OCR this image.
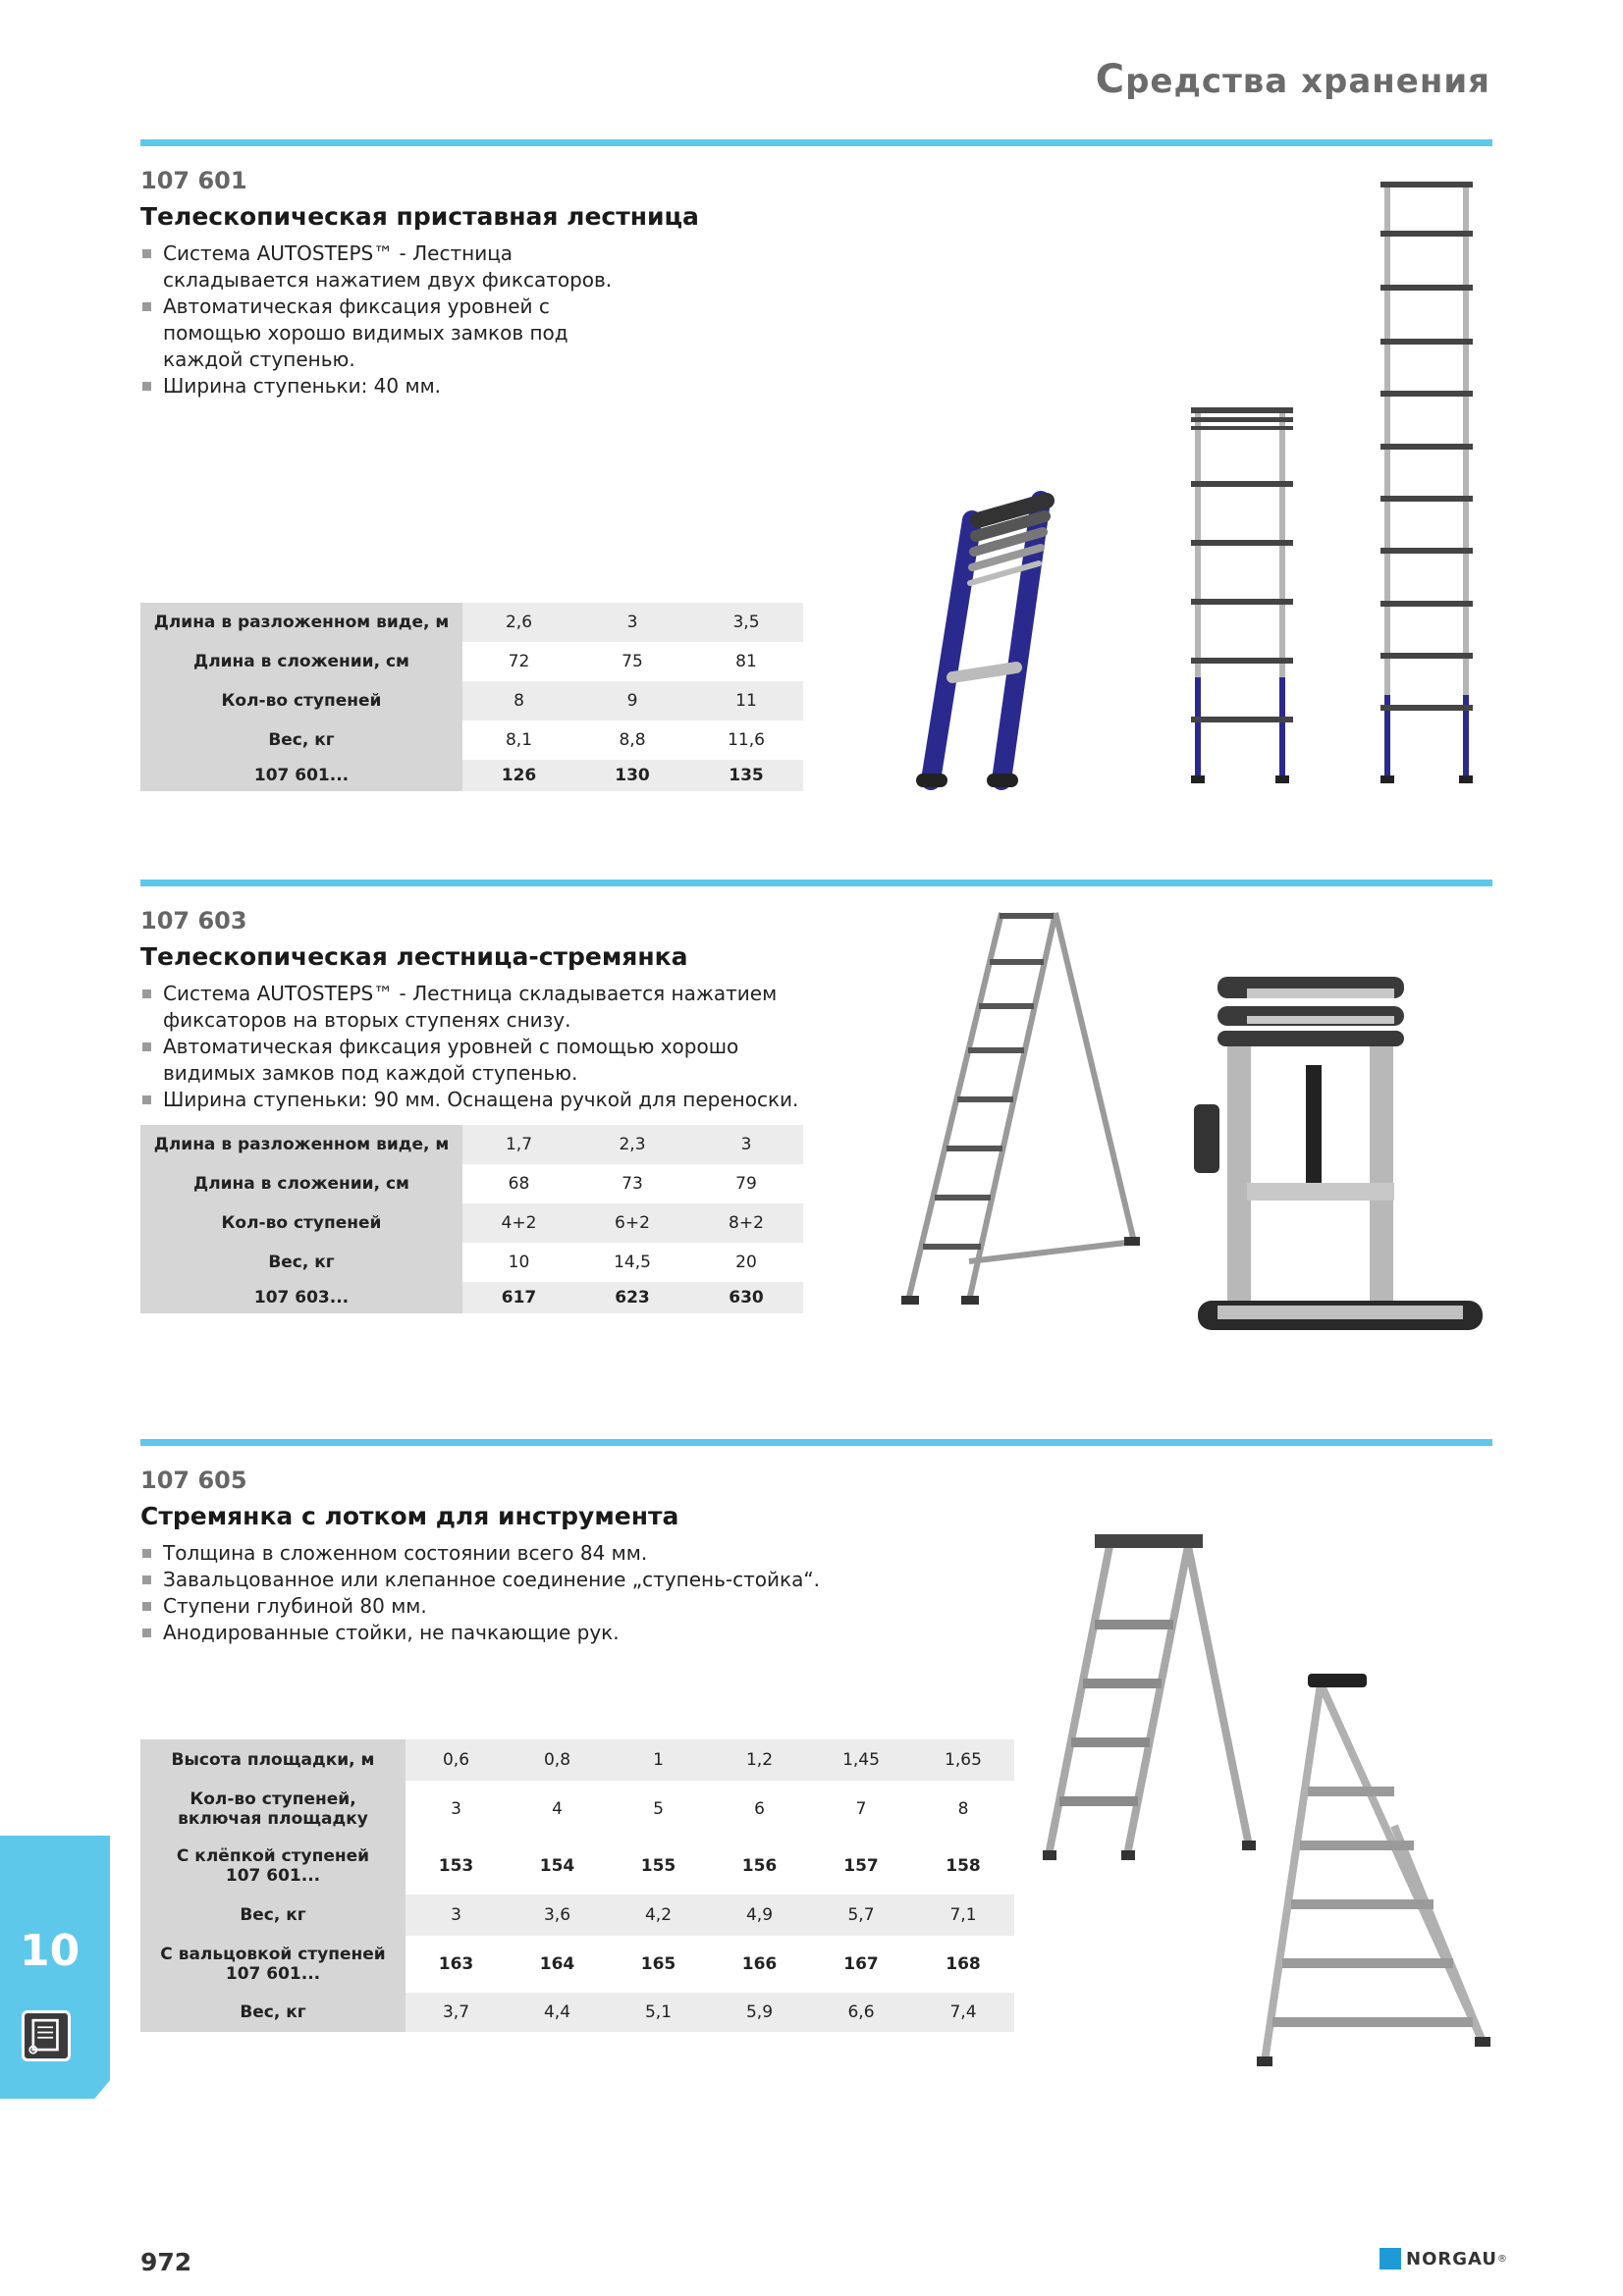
Средства хранения
107 601
Телескопическая приставная лестница
Система AUTOSTEPS™ - Лестница складывается нажатием двух фиксаторов.
Автоматическая фиксация уровней с помощью хорошо видимых замков под каждой ступенью.
Ширина ступеньки: 40 мм.
Длина в разложенном виде, м	2,6	3	3,5
Длина в сложении, см	72	75	81
Кол-во ступеней	8	9	11
Вес, кг	8,1	8,8	11,6
107 601...	126	130	135
107 603
Телескопическая лестница-стремянка
Система AUTOSTEPS™ - Лестница складывается нажатием фиксаторов на вторых ступенях снизу.
Автоматическая фиксация уровней с помощью хорошо видимых замков под каждой ступенью.
Ширина ступеньки: 90 мм. Оснащена ручкой для переноски.
Длина в разложенном виде, м	1,7	2,3	3
Длина в сложении, см	68	73	79
Кол-во ступеней	4+2	6+2	8+2
Вес, кг	10	14,5	20
107 603...	617	623	630
107 605
Стремянка с лотком для инструмента
Толщина в сложенном состоянии всего 84 мм.
Завальцованное или клепанное соединение „ступень-стойка“.
Ступени глубиной 80 мм.
Анодированные стойки, не пачкающие рук.
Высота площадки, м	0,6	0,8	1	1,2	1,45	1,65
Кол-во ступеней, включая площадку	3	4	5	6	7	8
С клёпкой ступеней 107 601...	153	154	155	156	157	158
Вес, кг	3	3,6	4,2	4,9	5,7	7,1
С вальцовкой ступеней 107 601...	163	164	165	166	167	168
Вес, кг	3,7	4,4	5,1	5,9	6,6	7,4
10
972	NORGAU ®
